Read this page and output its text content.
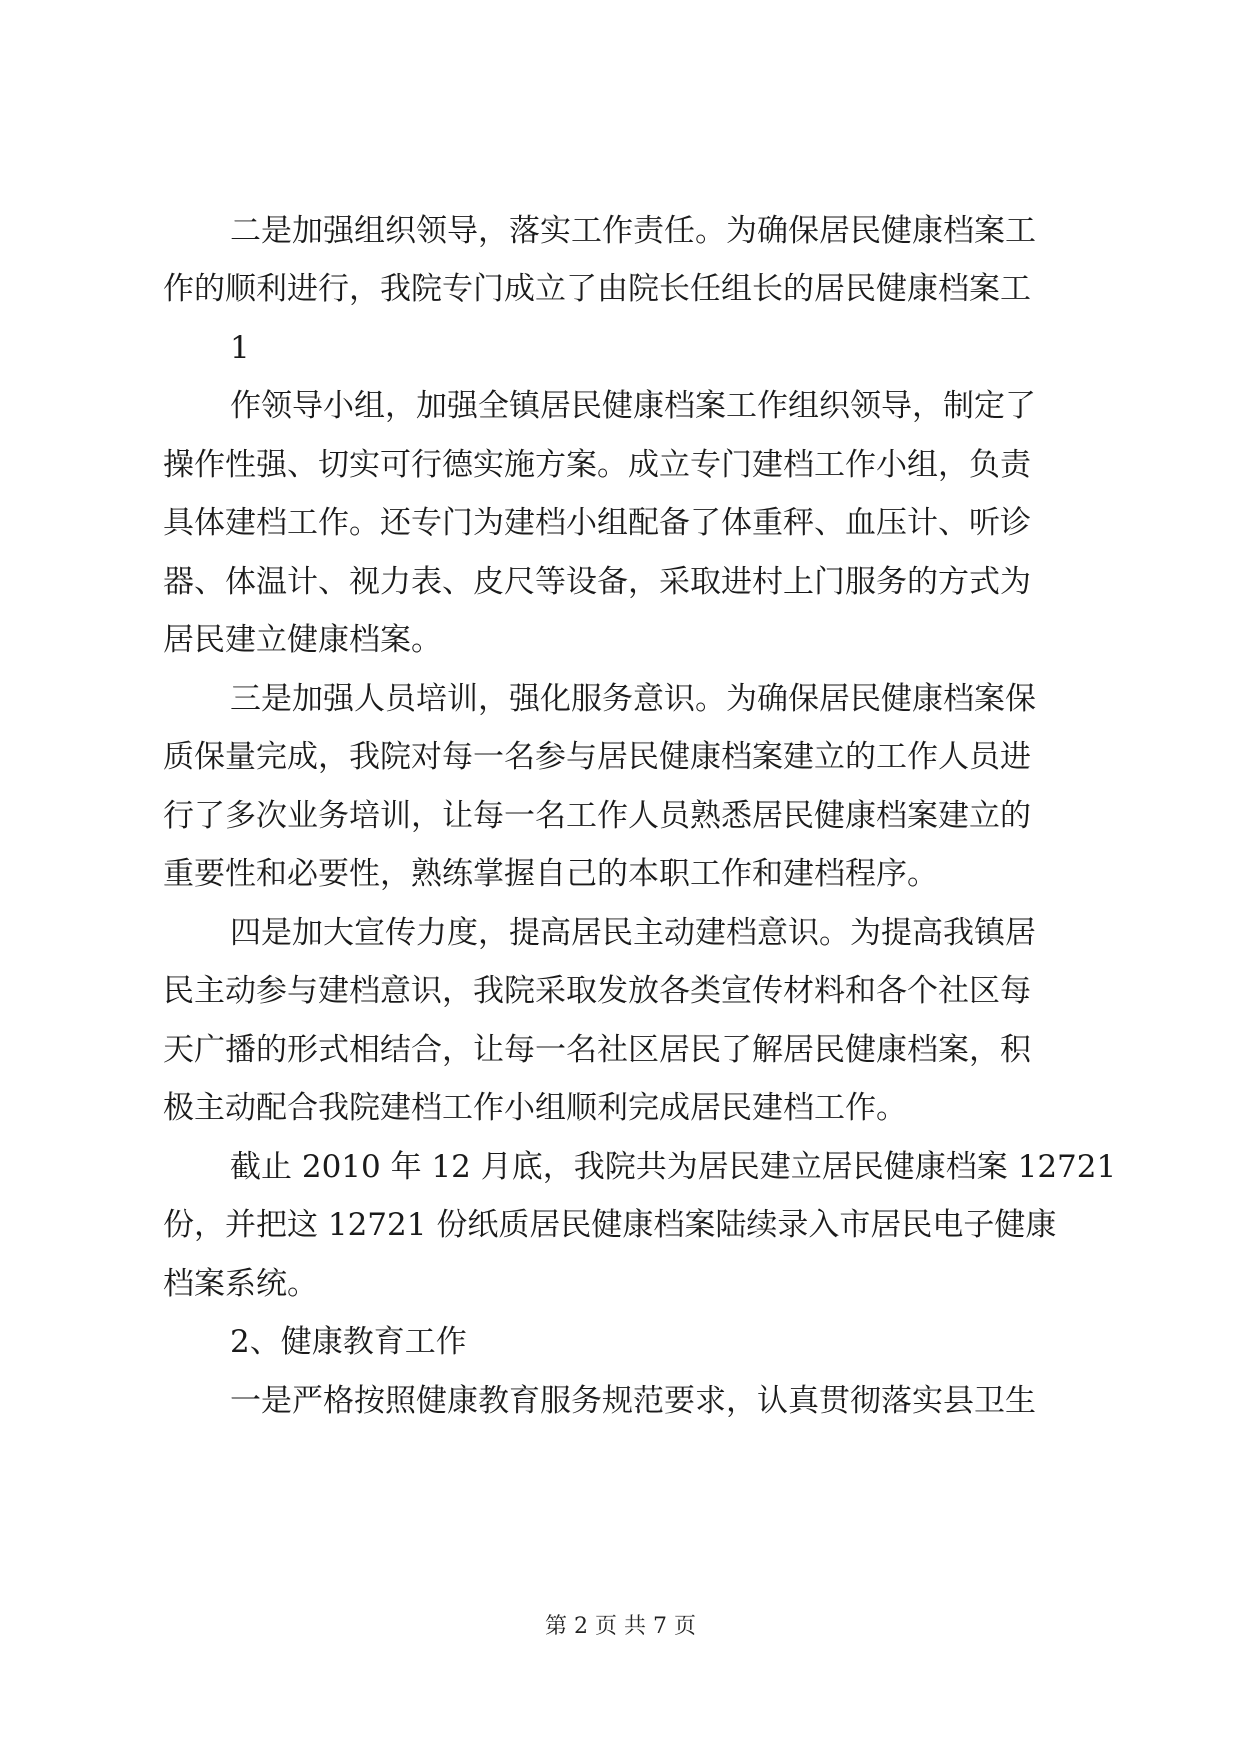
二是加强组织领导，落实工作责任。为确保居民健康档案工
作的顺利进行，我院专门成立了由院长任组长的居民健康档案工
1
作领导小组，加强全镇居民健康档案工作组织领导，制定了
操作性强、切实可行德实施方案。成立专门建档工作小组，负责
具体建档工作。还专门为建档小组配备了体重秤、血压计、听诊
器、体温计、视力表、皮尺等设备，采取进村上门服务的方式为
居民建立健康档案。
三是加强人员培训，强化服务意识。为确保居民健康档案保
质保量完成，我院对每一名参与居民健康档案建立的工作人员进
行了多次业务培训，让每一名工作人员熟悉居民健康档案建立的
重要性和必要性，熟练掌握自己的本职工作和建档程序。
四是加大宣传力度，提高居民主动建档意识。为提高我镇居
民主动参与建档意识，我院采取发放各类宣传材料和各个社区每
天广播的形式相结合，让每一名社区居民了解居民健康档案，积
极主动配合我院建档工作小组顺利完成居民建档工作。
截止 2010 年 12 月底，我院共为居民建立居民健康档案 12721
份，并把这 12721 份纸质居民健康档案陆续录入市居民电子健康
档案系统。
2、健康教育工作
一是严格按照健康教育服务规范要求，认真贯彻落实县卫生
第 2 页 共 7 页
